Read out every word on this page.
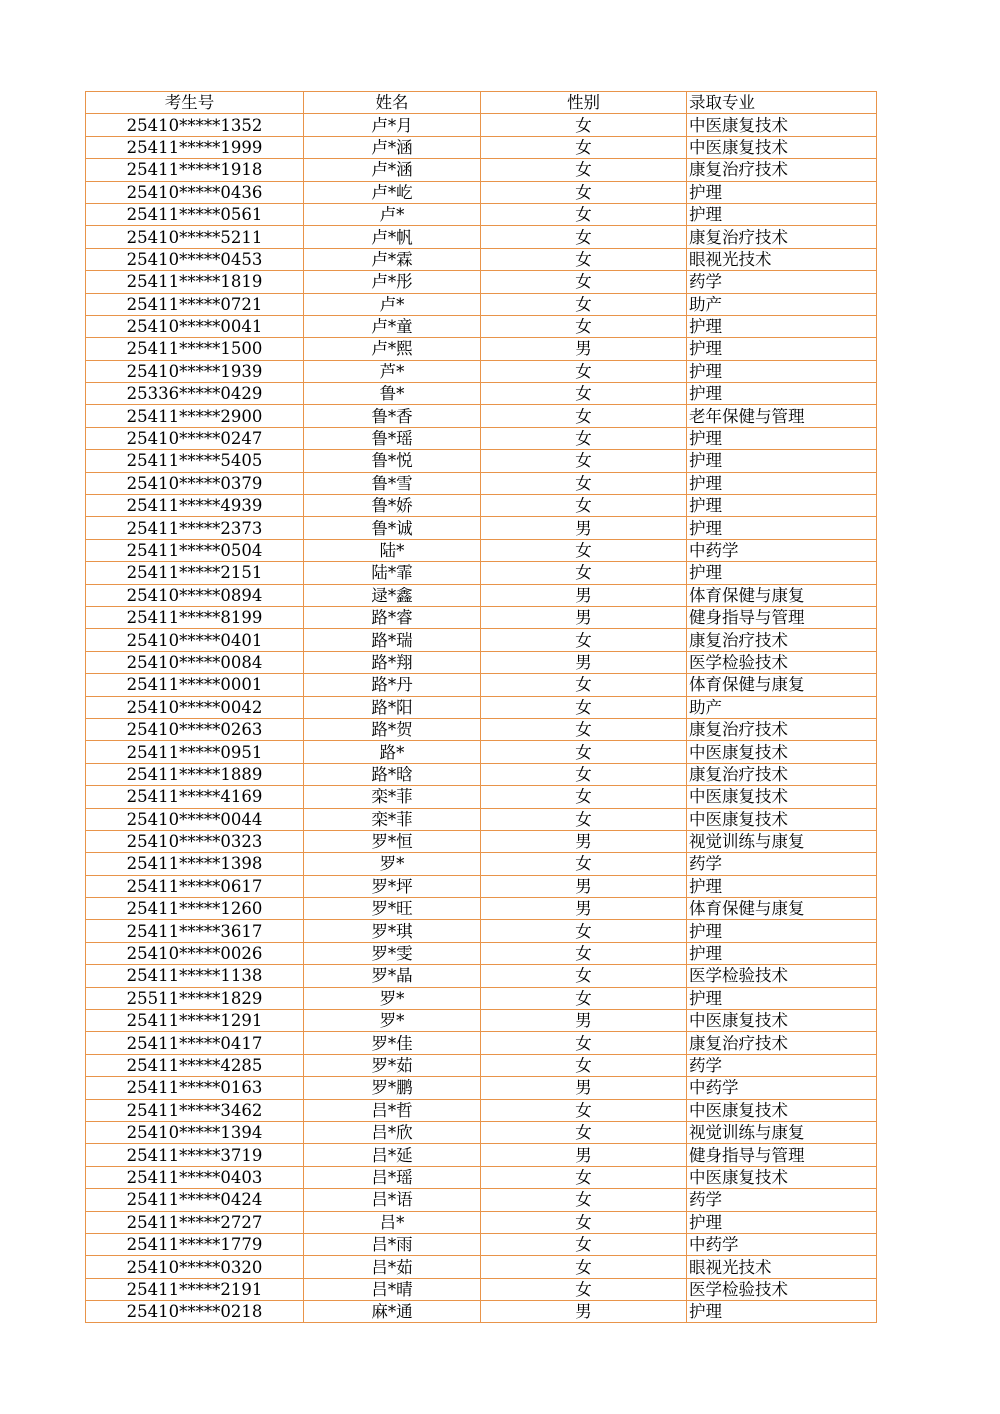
考生号	姓名	性别	录取专业
25410*****1352	卢*月	女	中医康复技术
25411*****1999	卢*涵	女	中医康复技术
25411*****1918	卢*涵	女	康复治疗技术
25410*****0436	卢*屹	女	护理
25411*****0561	卢*	女	护理
25410*****5211	卢*帆	女	康复治疗技术
25410*****0453	卢*霖	女	眼视光技术
25411*****1819	卢*彤	女	药学
25411*****0721	卢*	女	助产
25410*****0041	卢*童	女	护理
25411*****1500	卢*熙	男	护理
25410*****1939	芦*	女	护理
25336*****0429	鲁*	女	护理
25411*****2900	鲁*香	女	老年保健与管理
25410*****0247	鲁*瑶	女	护理
25411*****5405	鲁*悦	女	护理
25410*****0379	鲁*雪	女	护理
25411*****4939	鲁*娇	女	护理
25411*****2373	鲁*诚	男	护理
25411*****0504	陆*	女	中药学
25411*****2151	陆*霏	女	护理
25410*****0894	逯*鑫	男	体育保健与康复
25411*****8199	路*睿	男	健身指导与管理
25410*****0401	路*瑞	女	康复治疗技术
25410*****0084	路*翔	男	医学检验技术
25411*****0001	路*丹	女	体育保健与康复
25410*****0042	路*阳	女	助产
25410*****0263	路*贺	女	康复治疗技术
25411*****0951	路*	女	中医康复技术
25411*****1889	路*晗	女	康复治疗技术
25411*****4169	栾*菲	女	中医康复技术
25410*****0044	栾*菲	女	中医康复技术
25410*****0323	罗*恒	男	视觉训练与康复
25411*****1398	罗*	女	药学
25411*****0617	罗*坪	男	护理
25411*****1260	罗*旺	男	体育保健与康复
25411*****3617	罗*琪	女	护理
25410*****0026	罗*雯	女	护理
25411*****1138	罗*晶	女	医学检验技术
25511*****1829	罗*	女	护理
25411*****1291	罗*	男	中医康复技术
25411*****0417	罗*佳	女	康复治疗技术
25411*****4285	罗*茹	女	药学
25411*****0163	罗*鹏	男	中药学
25411*****3462	吕*哲	女	中医康复技术
25410*****1394	吕*欣	女	视觉训练与康复
25411*****3719	吕*延	男	健身指导与管理
25411*****0403	吕*瑶	女	中医康复技术
25411*****0424	吕*语	女	药学
25411*****2727	吕*	女	护理
25411*****1779	吕*雨	女	中药学
25410*****0320	吕*茹	女	眼视光技术
25411*****2191	吕*晴	女	医学检验技术
25410*****0218	麻*通	男	护理
